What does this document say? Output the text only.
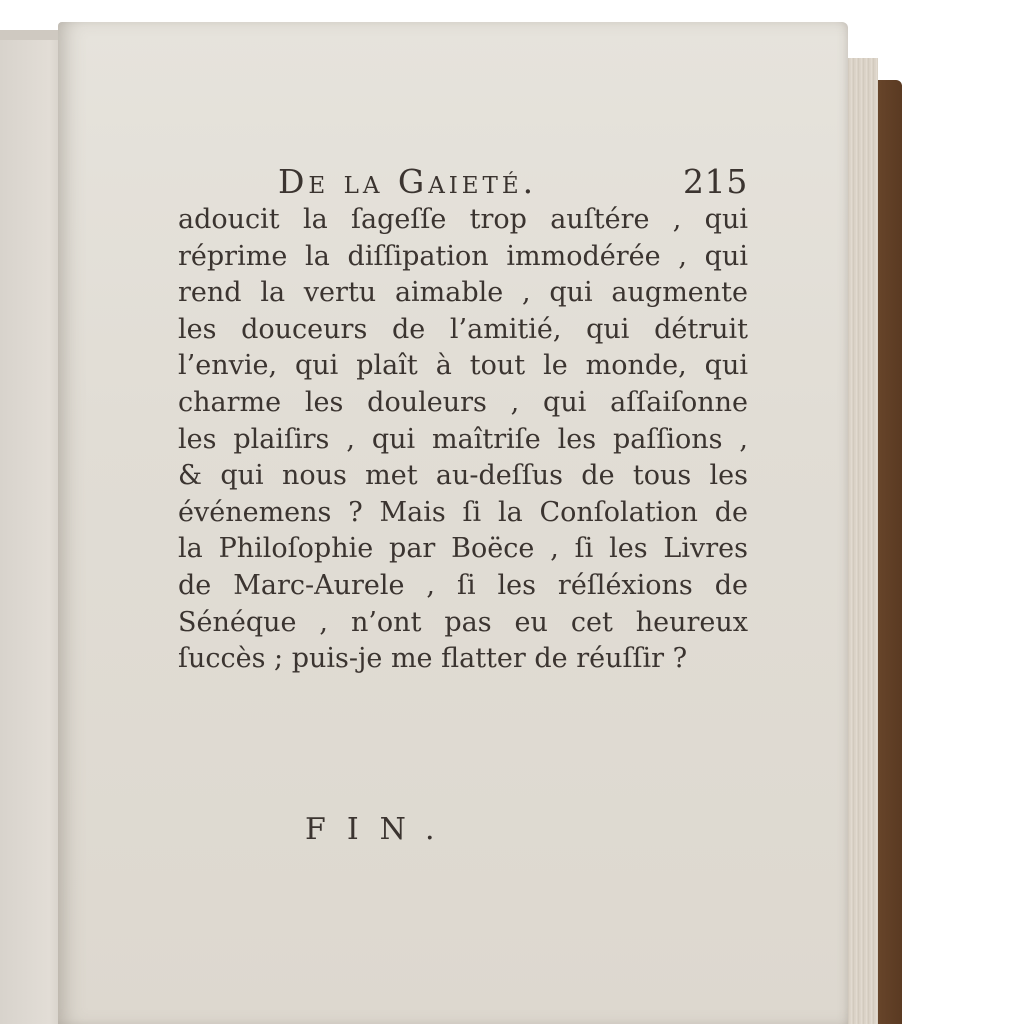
De la Gaieté.	215
adoucit la ſageſſe trop auſtére , qui
réprime la diſſipation immodérée , qui
rend la vertu aimable , qui augmente
les douceurs de l’amitié, qui détruit
l’envie, qui plaît à tout le monde, qui
charme les douleurs , qui aſſaiſonne
les plaiſirs , qui maîtriſe les paſſions ,
& qui nous met au-deſſus de tous les
événemens ? Mais ſi la Conſolation de
la Philoſophie par Boëce , ſi les Livres
de Marc-Aurele , ſi les réſléxions de
Sénéque , n’ont pas eu cet heureux
ſuccès ; puis-je me flatter de réuſſir ?
FIN.
